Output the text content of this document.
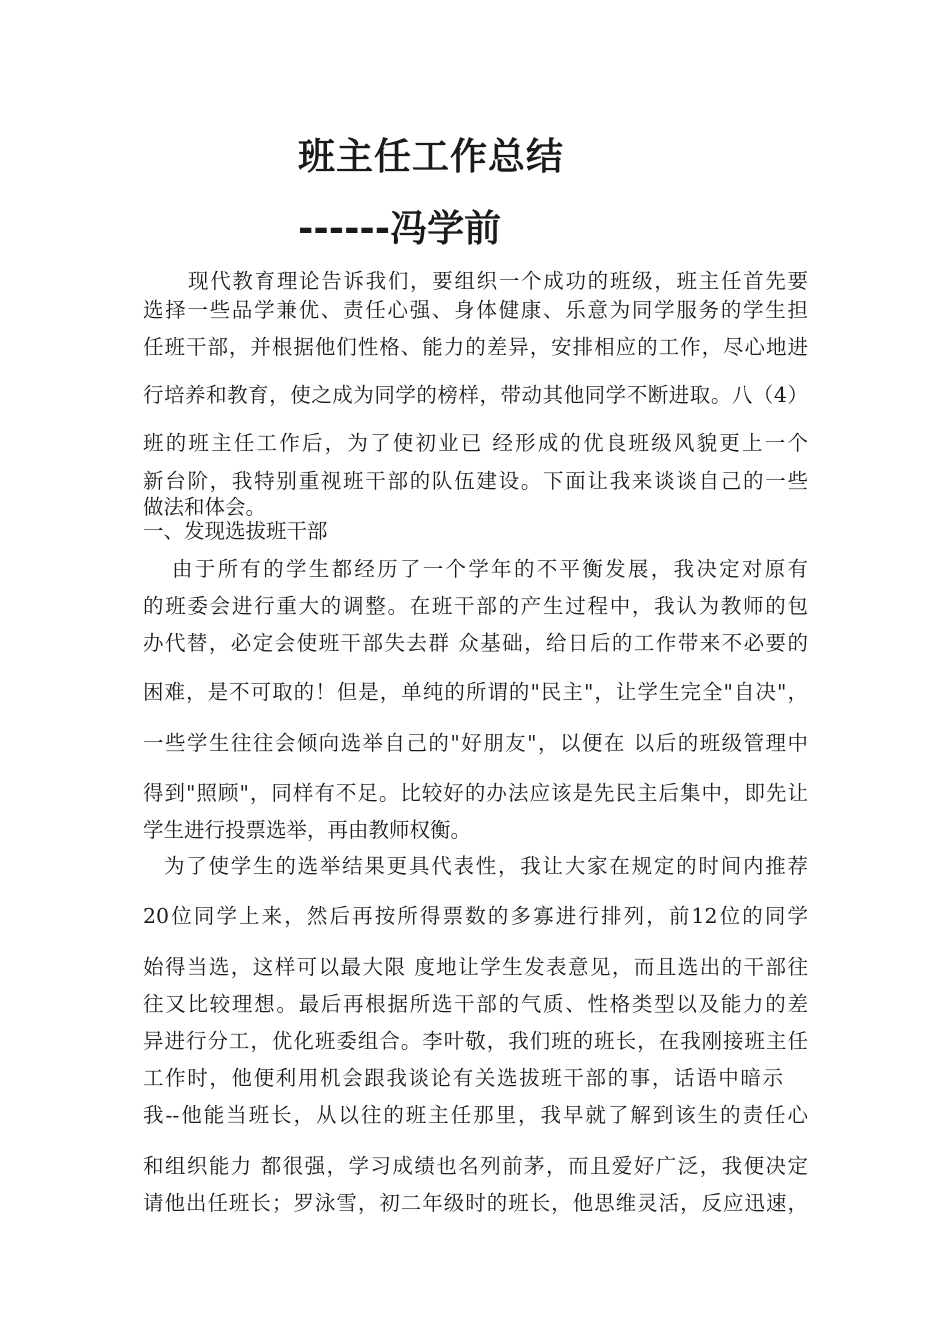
班主任工作总结
------冯学前
现代教育理论告诉我们，要组织一个成功的班级，班主任首先要
选择一些品学兼优、责任心强、身体健康、乐意为同学服务的学生担
任班干部，并根据他们性格、能力的差异，安排相应的工作，尽心地进
行培养和教育，使之成为同学的榜样，带动其他同学不断进取。八（4）
班的班主任工作后，为了使初业已 经形成的优良班级风貌更上一个
新台阶，我特别重视班干部的队伍建设。下面让我来谈谈自己的一些
做法和体会。
一、发现选拔班干部
由于所有的学生都经历了一个学年的不平衡发展，我决定对原有
的班委会进行重大的调整。在班干部的产生过程中，我认为教师的包
办代替，必定会使班干部失去群 众基础，给日后的工作带来不必要的
困难，是不可取的！但是，单纯的所谓的"民主"，让学生完全"自决"，
一些学生往往会倾向选举自己的"好朋友"，以便在 以后的班级管理中
得到"照顾"，同样有不足。比较好的办法应该是先民主后集中，即先让
学生进行投票选举，再由教师权衡。
为了使学生的选举结果更具代表性，我让大家在规定的时间内推荐
20位同学上来，然后再按所得票数的多寡进行排列，前12位的同学
始得当选，这样可以最大限 度地让学生发表意见，而且选出的干部往
往又比较理想。最后再根据所选干部的气质、性格类型以及能力的差
异进行分工，优化班委组合。李叶敬，我们班的班长，在我刚接班主任
工作时，他便利用机会跟我谈论有关选拔班干部的事，话语中暗示
我--他能当班长，从以往的班主任那里，我早就了解到该生的责任心
和组织能力 都很强，学习成绩也名列前茅，而且爱好广泛，我便决定
请他出任班长；罗泳雪，初二年级时的班长，他思维灵活，反应迅速，
